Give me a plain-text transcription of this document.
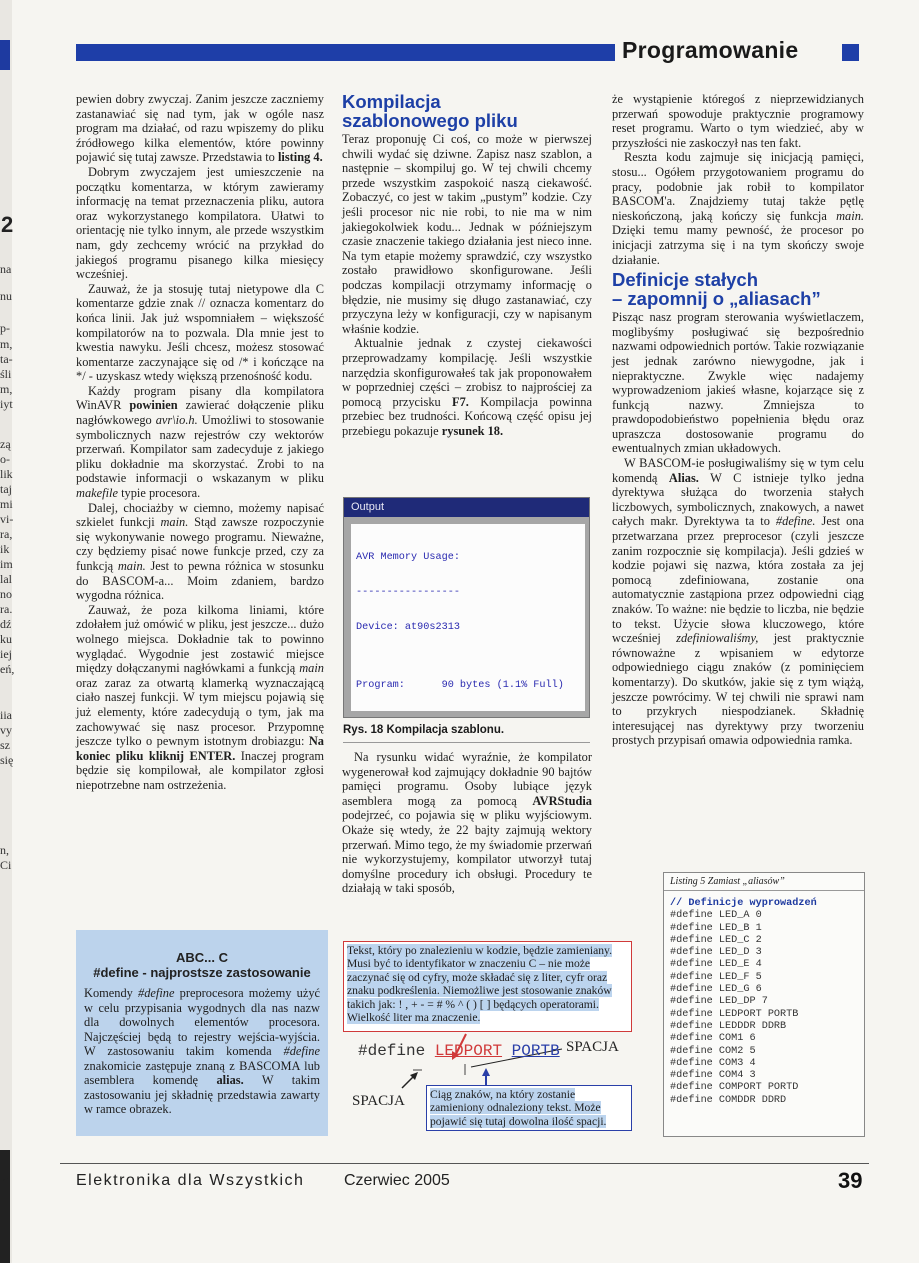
2
na
nu
p-
m,
ta-
śli
m,
iyt
zą
o-
lik
taj
mi
vi-
ra,
ik
im
lal
no
ra.
dź
ku
iej
eń,
iia
vy
sz
się
n,
Ci
h
Programowanie

pewien dobry zwyczaj. Zanim jeszcze zaczniemy zastanawiać się nad tym, jak w ogóle nasz program ma działać, od razu wpiszemy do pliku źródłowego kilka elementów, które powinny pojawić się tutaj zawsze. Przedstawia to listing 4.

Dobrym zwyczajem jest umieszczenie na początku komentarza, w którym zawieramy informację na temat przeznaczenia pliku, autora oraz wykorzystanego kompilatora. Ułatwi to orientację nie tylko innym, ale przede wszystkim nam, gdy zechcemy wrócić na przykład do jakiegoś programu pisanego kilka miesięcy wcześniej.

Zauważ, że ja stosuję tutaj nietypowe dla C komentarze gdzie znak // oznacza komentarz do końca linii. Jak już wspomniałem – większość kompilatorów na to pozwala. Dla mnie jest to kwestia nawyku. Jeśli chcesz, możesz stosować komentarze zaczynające się od /* i kończące na */ - uzyskasz wtedy większą przenośność kodu.

Każdy program pisany dla kompilatora WinAVR powinien zawierać dołączenie pliku nagłówkowego avr\io.h. Umożliwi to stosowanie symbolicznych nazw rejestrów czy wektorów przerwań. Kompilator sam zadecyduje z jakiego pliku dokładnie ma skorzystać. Zrobi to na podstawie informacji o wskazanym w pliku makefile typie procesora.

Dalej, chociażby w ciemno, możemy napisać szkielet funkcji main. Stąd zawsze rozpoczynie się wykonywanie nowego programu. Nieważne, czy będziemy pisać nowe funkcje przed, czy za funkcją main. Jest to pewna różnica w stosunku do BASCOM-a... Moim zdaniem, bardzo wygodna różnica.

Zauważ, że poza kilkoma liniami, które zdołałem już omówić w pliku, jest jeszcze... dużo wolnego miejsca. Dokładnie tak to powinno wyglądać. Wygodnie jest zostawić miejsce między dołączanymi nagłówkami a funkcją main oraz zaraz za otwartą klamerką wyznaczającą ciało naszej funkcji. W tym miejscu pojawią się już elementy, które zadecydują o tym, jak ma zachowywać się nasz procesor. Przypomnę jeszcze tylko o pewnym istotnym drobiazgu: Na koniec pliku kliknij ENTER. Inaczej program będzie się kompilował, ale kompilator zgłosi niepotrzebne nam ostrzeżenia.

Kompilacja
szablonowego pliku

Teraz proponuję Ci coś, co może w pierwszej chwili wydać się dziwne. Zapisz nasz szablon, a następnie – skompiluj go. W tej chwili chcemy przede wszystkim zaspokoić naszą ciekawość. Zobaczyć, co jest w takim „pustym” kodzie. Czy jeśli procesor nic nie robi, to nie ma w nim jakiegokolwiek kodu... Jednak w późniejszym czasie znaczenie takiego działania jest nieco inne. Na tym etapie możemy sprawdzić, czy wszystko zostało prawidłowo skonfigurowane. Jeśli podczas kompilacji otrzymamy informację o błędzie, nie musimy się długo zastanawiać, czy przyczyna leży w konfiguracji, czy w napisanym właśnie kodzie.

Aktualnie jednak z czystej ciekawości przeprowadzamy kompilację. Jeśli wszystkie narzędzia skonfigurowałeś tak jak proponowałem w poprzedniej części – zrobisz to najprościej za pomocą przycisku F7. Kompilacja powinna przebiec bez trudności. Końcową część opisu jej przebiegu pokazuje rysunek 18.

Output

AVR Memory Usage:

-----------------

Device: at90s2313

Program:      90 bytes (1.1% Full)

Rys. 18 Kompilacja szablonu.

Na rysunku widać wyraźnie, że kompilator wygenerował kod zajmujący dokładnie 90 bajtów pamięci programu. Osoby lubiące język asemblera mogą za pomocą AVRStudia podejrzeć, co pojawia się w pliku wyjściowym. Okaże się wtedy, że 22 bajty zajmują wektory przerwań. Mimo tego, że my świadomie przerwań nie wykorzystujemy, kompilator utworzył tutaj domyślne procedury ich obsługi. Procedury te działają w taki sposób,

że wystąpienie któregoś z nieprzewidzianych przerwań spowoduje praktycznie programowy reset programu. Warto o tym wiedzieć, aby w przyszłości nie zaskoczył nas ten fakt.

Reszta kodu zajmuje się inicjacją pamięci, stosu... Ogółem przygotowaniem programu do pracy, podobnie jak robił to kompilator BASCOM'a. Znajdziemy tutaj także pętlę nieskończoną, jaką kończy się funkcja main. Dzięki temu mamy pewność, że procesor po inicjacji zatrzyma się i na tym skończy swoje działanie.

Definicje stałych
– zapomnij o „aliasach”

Pisząc nasz program sterowania wyświetlaczem, moglibyśmy posługiwać się bezpośrednio nazwami odpowiednich portów. Takie rozwiązanie jest jednak zarówno niewygodne, jak i niepraktyczne. Zwykle więc nadajemy wyprowadzeniom jakieś własne, kojarzące się z funkcją nazwy. Zmniejsza to prawdopodobieństwo popełnienia błędu oraz upraszcza dostosowanie programu do ewentualnych zmian układowych.

W BASCOM-ie posługiwaliśmy się w tym celu komendą Alias. W C istnieje tylko jedna dyrektywa służąca do tworzenia stałych liczbowych, symbolicznych, znakowych, a nawet całych makr. Dyrektywa ta to #define. Jest ona przetwarzana przez preprocesor (czyli jeszcze zanim rozpocznie się kompilacja). Jeśli gdzieś w kodzie pojawi się nazwa, która została za jej pomocą zdefiniowana, zostanie ona automatycznie zastąpiona przez odpowiedni ciąg znaków. To ważne: nie będzie to liczba, nie będzie to tekst. Użycie słowa kluczowego, które wcześniej zdefiniowaliśmy, jest praktycznie równoważne z wpisaniem w edytorze odpowiedniego ciągu znaków (z pominięciem komentarzy). Do skutków, jakie się z tym wiążą, jeszcze powrócimy. W tej chwili nie sprawi nam to przykrych niespodzianek. Składnię interesującej nas dyrektywy przy tworzeniu prostych przypisań omawia odpowiednia ramka.

Listing 5 Zamiast „aliasów”
// Definicje wyprowadzeń
#define LED_A 0
#define LED_B 1
#define LED_C 2
#define LED_D 3
#define LED_E 4
#define LED_F 5
#define LED_G 6
#define LED_DP 7
#define LEDPORT PORTB
#define LEDDDR DDRB
#define COM1 6
#define COM2 5
#define COM3 4
#define COM4 3
#define COMPORT PORTD
#define COMDDR DDRD
ABC... C
#define - najprostsze zastosowanie
Komendy #define preprocesora możemy użyć w celu przypisania wygodnych dla nas nazw dla dowolnych elementów procesora. Najczęściej będą to rejestry wejścia-wyjścia. W zastosowaniu takim komenda #define znakomicie zastępuje znaną z BASCOMA lub asemblera komendę alias. W takim zastosowaniu jej składnię przedstawia zawarty w ramce obrazek.
Tekst, który po znalezieniu w kodzie, będzie zamieniany. Musi być to identyfikator w znaczeniu C – nie może zaczynać się od cyfry, może składać się z liter, cyfr oraz znaku podkreślenia. Niemożliwe jest stosowanie znaków takich jak: ! , + - = # % ^ ( ) [ ] będących operatorami. Wielkość liter ma znaczenie.
#define LEDPORT PORTB SPACJA
SPACJA	Ciąg znaków, na który zostanie zamieniony odnaleziony tekst. Może pojawić się tutaj dowolna ilość spacji.
Elektronika dla Wszystkich Czerwiec 2005	39
